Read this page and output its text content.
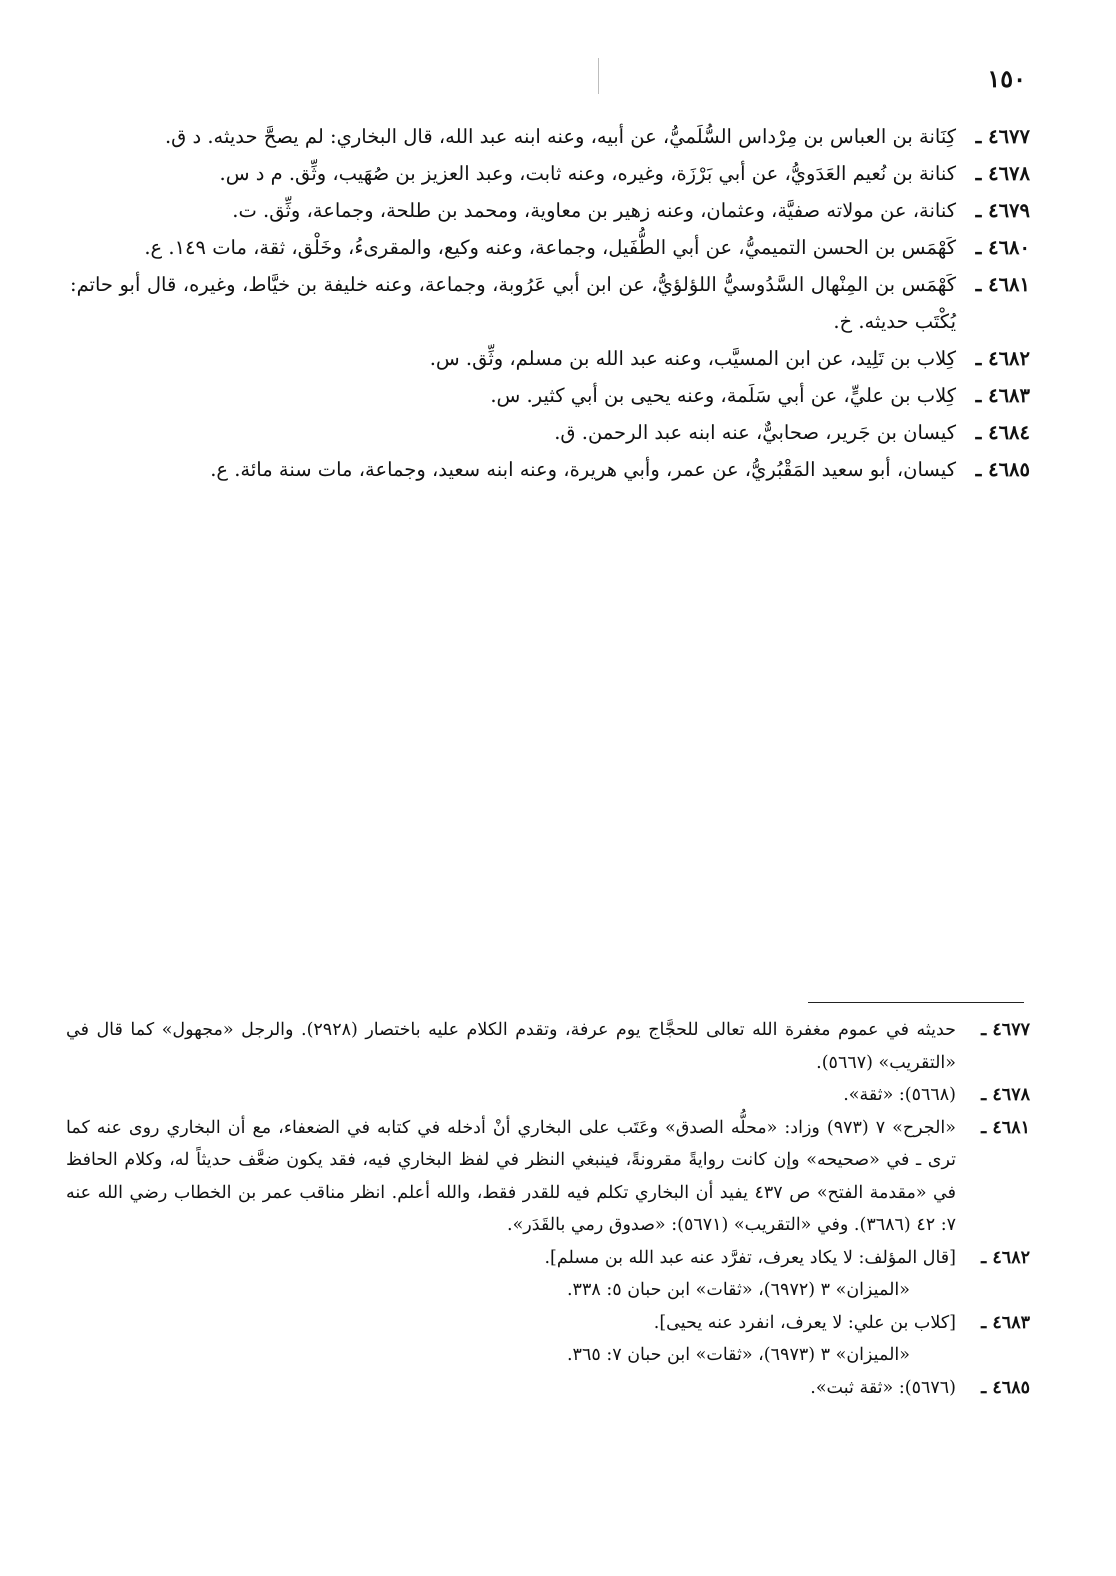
١٥٠
٤٦٧٧ ـ
كِنَانة بن العباس بن مِرْداس السُّلَميُّ، عن أبيه، وعنه ابنه عبد الله، قال البخاري: لم يصحَّ حديثه. د ق.
٤٦٧٨ ـ
كنانة بن نُعيم العَدَويُّ، عن أبي بَرْزَة، وغيره، وعنه ثابت، وعبد العزيز بن صُهَيب، وثِّق. م د س.
٤٦٧٩ ـ
كنانة، عن مولاته صفيَّة، وعثمان، وعنه زهير بن معاوية، ومحمد بن طلحة، وجماعة، وثِّق. ت.
٤٦٨٠ ـ
كَهْمَس بن الحسن التميميُّ، عن أبي الطُّفَيل، وجماعة، وعنه وكيع، والمقرىءُ، وخَلْق، ثقة، مات ١٤٩. ع.
٤٦٨١ ـ
كَهْمَس بن المِنْهال السَّدُوسيُّ اللؤلؤيُّ، عن ابن أبي عَرُوبة، وجماعة، وعنه خليفة بن خيَّاط، وغيره، قال أبو حاتم: يُكْتَب حديثه. خ.
٤٦٨٢ ـ
كِلاب بن تَلِيد، عن ابن المسيَّب، وعنه عبد الله بن مسلم، وثِّق. س.
٤٦٨٣ ـ
كِلاب بن عليٍّ، عن أبي سَلَمة، وعنه يحيى بن أبي كثير. س.
٤٦٨٤ ـ
كيسان بن جَرير، صحابيٌّ، عنه ابنه عبد الرحمن. ق.
٤٦٨٥ ـ
كيسان، أبو سعيد المَقْبُريُّ، عن عمر، وأبي هريرة، وعنه ابنه سعيد، وجماعة، مات سنة مائة. ع.
٤٦٧٧ ـ
حديثه في عموم مغفرة الله تعالى للحجَّاج يوم عرفة، وتقدم الكلام عليه باختصار (٢٩٢٨). والرجل «مجهول» كما قال في «التقريب» (٥٦٦٧).
٤٦٧٨ ـ
(٥٦٦٨): «ثقة».
٤٦٨١ ـ
«الجرح» ٧ (٩٧٣) وزاد: «محلُّه الصدق» وعَتَب على البخاري أنْ أدخله في كتابه في الضعفاء، مع أن البخاري روى عنه كما ترى ـ في «صحيحه» وإن كانت روايةً مقرونةً، فينبغي النظر في لفظ البخاري فيه، فقد يكون ضعَّف حديثاً له، وكلام الحافظ في «مقدمة الفتح» ص ٤٣٧ يفيد أن البخاري تكلم فيه للقدر فقط، والله أعلم. انظر مناقب عمر بن الخطاب رضي الله عنه ٧: ٤٢ (٣٦٨٦). وفي «التقريب» (٥٦٧١): «صدوق رمي بالقَدَر».
٤٦٨٢ ـ
[قال المؤلف: لا يكاد يعرف، تفرَّد عنه عبد الله بن مسلم].
«الميزان» ٣ (٦٩٧٢)، «ثقات» ابن حبان ٥: ٣٣٨.
٤٦٨٣ ـ
[كلاب بن علي: لا يعرف، انفرد عنه يحيى].
«الميزان» ٣ (٦٩٧٣)، «ثقات» ابن حبان ٧: ٣٦٥.
٤٦٨٥ ـ
(٥٦٧٦): «ثقة ثبت».
